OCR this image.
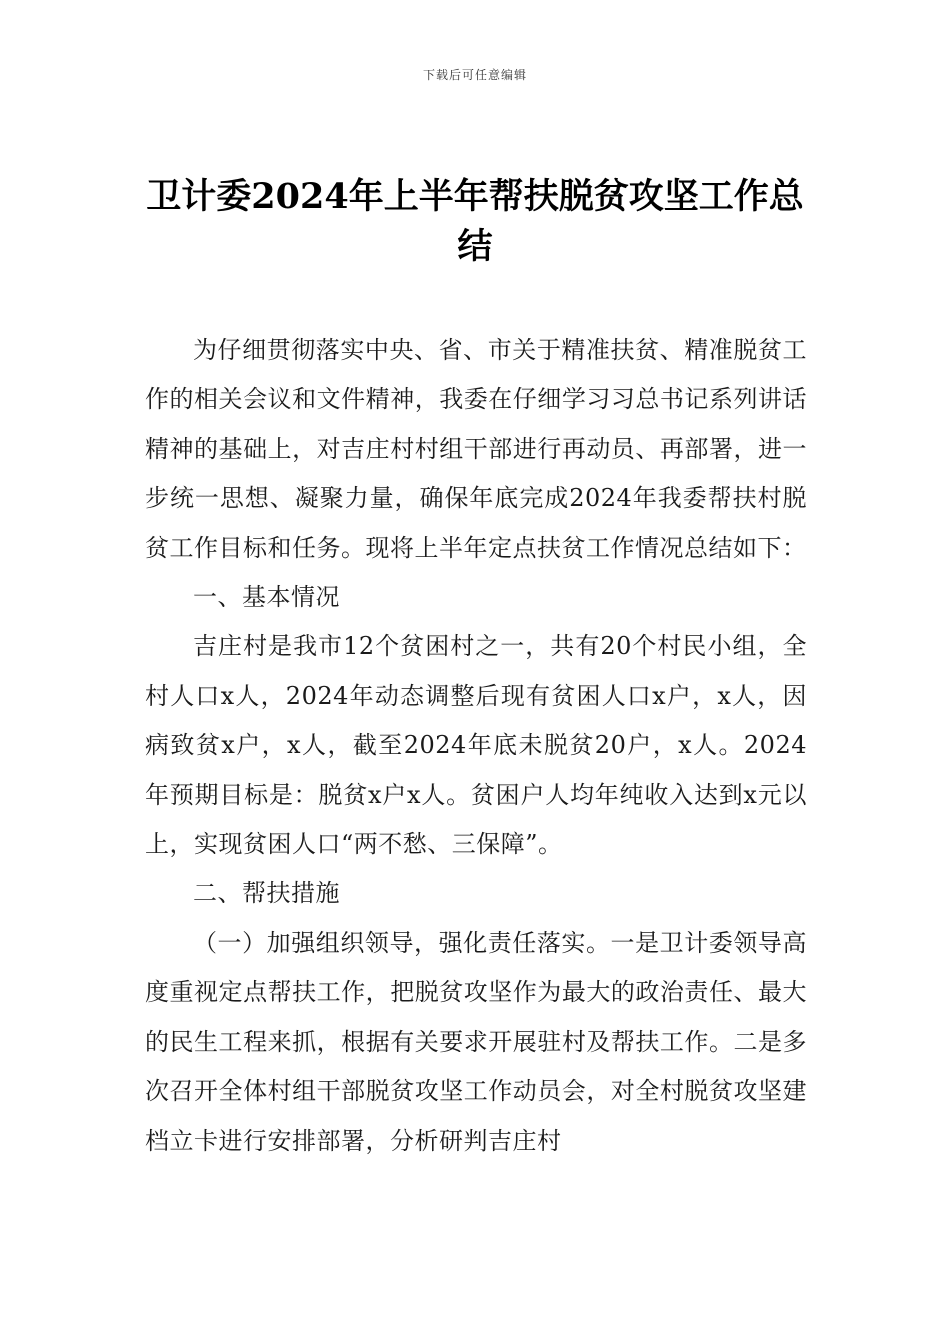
下载后可任意编辑
卫计委2024年上半年帮扶脱贫攻坚工作总结

为仔细贯彻落实中央、省、市关于精准扶贫、精准脱贫工作的相关会议和文件精神，我委在仔细学习习总书记系列讲话精神的基础上，对吉庄村村组干部进行再动员、再部署，进一步统一思想、凝聚力量，确保年底完成2024年我委帮扶村脱贫工作目标和任务。现将上半年定点扶贫工作情况总结如下：

一、基本情况

吉庄村是我市12个贫困村之一，共有20个村民小组，全村人口x人，2024年动态调整后现有贫困人口x户，x人，因病致贫x户，x人，截至2024年底未脱贫20户，x人。2024年预期目标是：脱贫x户x人。贫困户人均年纯收入达到x元以上，实现贫困人口“两不愁、三保障”。

二、帮扶措施

（一）加强组织领导，强化责任落实。一是卫计委领导高度重视定点帮扶工作，把脱贫攻坚作为最大的政治责任、最大的民生工程来抓，根据有关要求开展驻村及帮扶工作。二是多次召开全体村组干部脱贫攻坚工作动员会，对全村脱贫攻坚建档立卡进行安排部署，分析研判吉庄村
